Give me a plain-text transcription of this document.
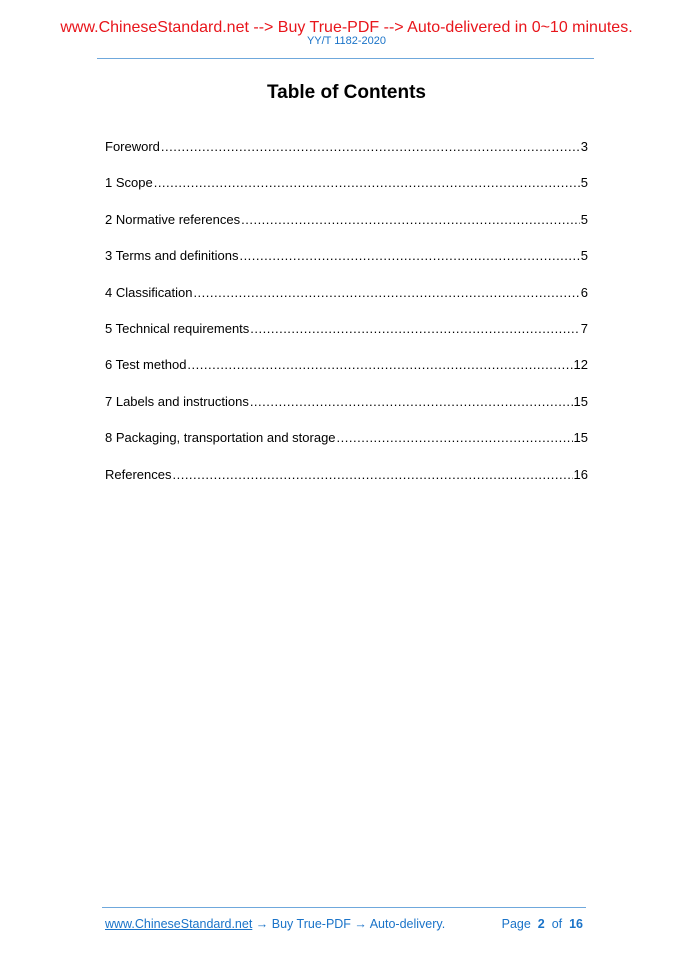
www.ChineseStandard.net --> Buy True-PDF --> Auto-delivered in 0~10 minutes.
YY/T 1182-2020
Table of Contents
Foreword .....	3
1 Scope .....	5
2 Normative references .....	5
3 Terms and definitions .....	5
4 Classification .....	6
5 Technical requirements .....	7
6 Test method .....	12
7 Labels and instructions .....	15
8 Packaging, transportation and storage .....	15
References .....	16
www.ChineseStandard.net → Buy True-PDF → Auto-delivery.	Page 2 of 16
